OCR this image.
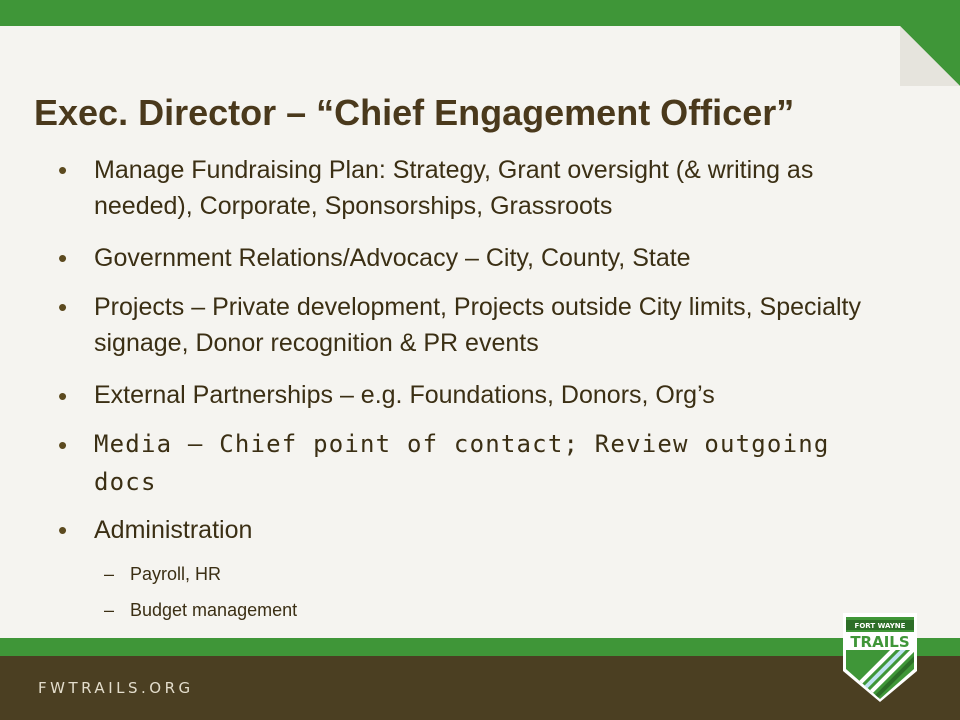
Exec. Director – “Chief Engagement Officer”
• Manage Fundraising Plan: Strategy, Grant oversight (& writing as needed), Corporate, Sponsorships, Grassroots
• Government Relations/Advocacy – City, County, State
• Projects – Private development, Projects outside City limits, Specialty signage, Donor recognition & PR events
• External Partnerships – e.g. Foundations, Donors, Org’s
• Media – Chief point of contact; Review outgoing docs
• Administration
– Payroll, HR
– Budget management
FWTRAILS.ORG
FORT WAYNE
TRAILS
